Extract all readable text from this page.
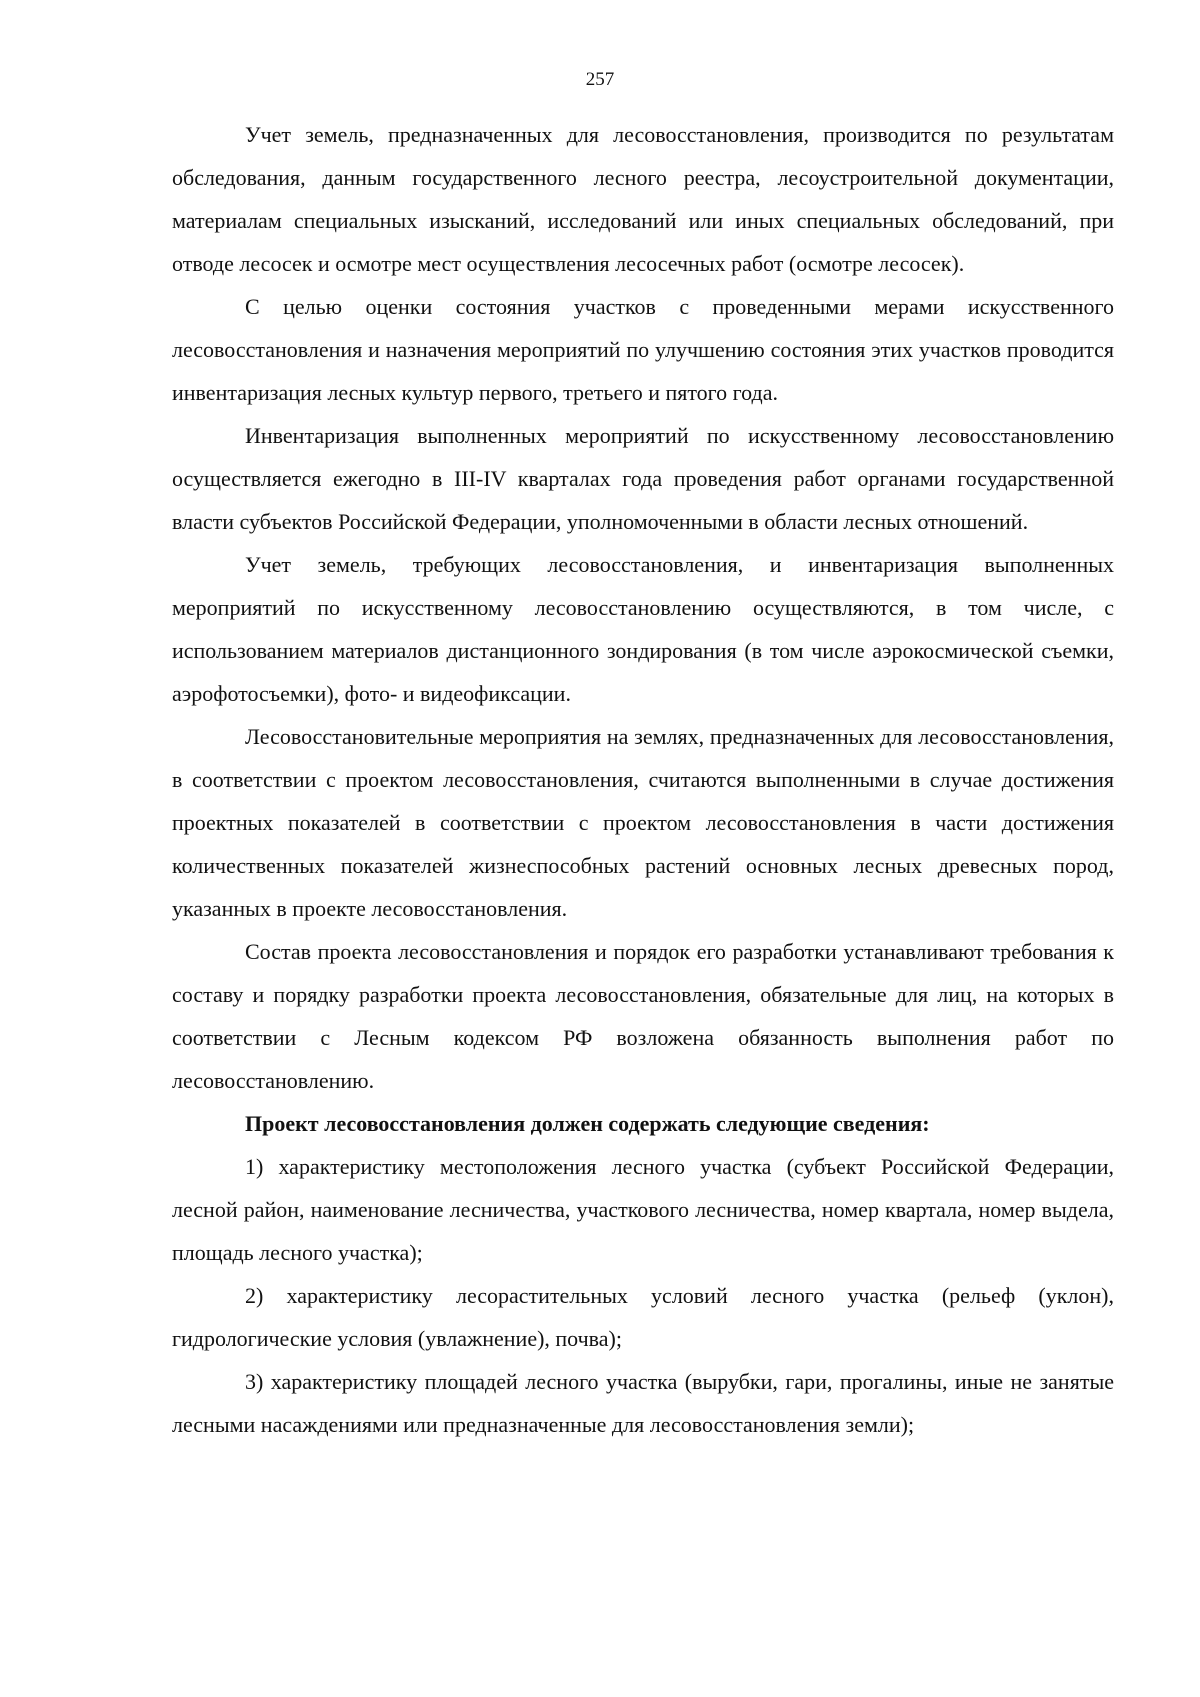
257

Учет земель, предназначенных для лесовосстановления, производится по результатам обследования, данным государственного лесного реестра, лесоустроительной документации, материалам специальных изысканий, исследований или иных специальных обследований, при отводе лесосек и осмотре мест осуществления лесосечных работ (осмотре лесосек).

С целью оценки состояния участков с проведенными мерами искусственного лесовосстановления и назначения мероприятий по улучшению состояния этих участков проводится инвентаризация лесных культур первого, третьего и пятого года.

Инвентаризация выполненных мероприятий по искусственному лесовосстановлению осуществляется ежегодно в III-IV кварталах года проведения работ органами государственной власти субъектов Российской Федерации, уполномоченными в области лесных отношений.

Учет земель, требующих лесовосстановления, и инвентаризация выполненных мероприятий по искусственному лесовосстановлению осуществляются, в том числе, с использованием материалов дистанционного зондирования (в том числе аэрокосмической съемки, аэрофотосъемки), фото- и видеофиксации.

Лесовосстановительные мероприятия на землях, предназначенных для лесовосстановления, в соответствии с проектом лесовосстановления, считаются выполненными в случае достижения проектных показателей в соответствии с проектом лесовосстановления в части достижения количественных показателей жизнеспособных растений основных лесных древесных пород, указанных в проекте лесовосстановления.

Состав проекта лесовосстановления и порядок его разработки устанавливают требования к составу и порядку разработки проекта лесовосстановления, обязательные для лиц, на которых в соответствии с Лесным кодексом РФ возложена обязанность выполнения работ по лесовосстановлению.

Проект лесовосстановления должен содержать следующие сведения:

1) характеристику местоположения лесного участка (субъект Российской Федерации, лесной район, наименование лесничества, участкового лесничества, номер квартала, номер выдела, площадь лесного участка);

2) характеристику лесорастительных условий лесного участка (рельеф (уклон), гидрологические условия (увлажнение), почва);

3) характеристику площадей лесного участка (вырубки, гари, прогалины, иные не занятые лесными насаждениями или предназначенные для лесовосстановления земли);
